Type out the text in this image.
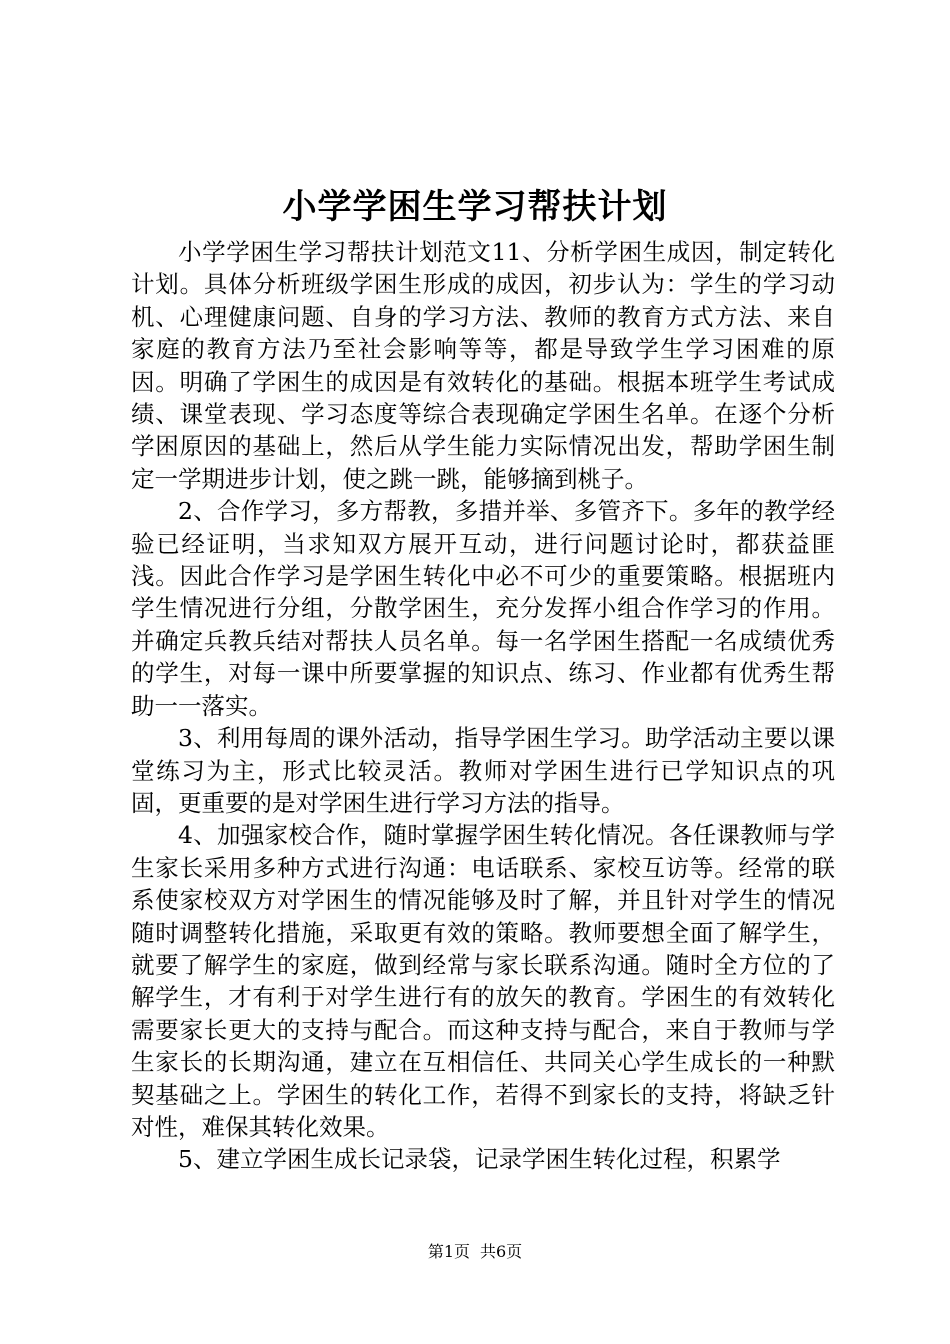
小学学困生学习帮扶计划

小学学困生学习帮扶计划范文11、分析学困生成因，制定转化计划。具体分析班级学困生形成的成因，初步认为：学生的学习动机、心理健康问题、自身的学习方法、教师的教育方式方法、来自家庭的教育方法乃至社会影响等等，都是导致学生学习困难的原因。明确了学困生的成因是有效转化的基础。根据本班学生考试成绩、课堂表现、学习态度等综合表现确定学困生名单。在逐个分析学困原因的基础上，然后从学生能力实际情况出发，帮助学困生制定一学期进步计划，使之跳一跳，能够摘到桃子。

2、合作学习，多方帮教，多措并举、多管齐下。多年的教学经验已经证明，当求知双方展开互动，进行问题讨论时，都获益匪浅。因此合作学习是学困生转化中必不可少的重要策略。根据班内学生情况进行分组，分散学困生，充分发挥小组合作学习的作用。并确定兵教兵结对帮扶人员名单。每一名学困生搭配一名成绩优秀的学生，对每一课中所要掌握的知识点、练习、作业都有优秀生帮助一一落实。

3、利用每周的课外活动，指导学困生学习。助学活动主要以课堂练习为主，形式比较灵活。教师对学困生进行已学知识点的巩固，更重要的是对学困生进行学习方法的指导。

4、加强家校合作，随时掌握学困生转化情况。各任课教师与学生家长采用多种方式进行沟通：电话联系、家校互访等。经常的联系使家校双方对学困生的情况能够及时了解，并且针对学生的情况随时调整转化措施，采取更有效的策略。教师要想全面了解学生，就要了解学生的家庭，做到经常与家长联系沟通。随时全方位的了解学生，才有利于对学生进行有的放矢的教育。学困生的有效转化需要家长更大的支持与配合。而这种支持与配合，来自于教师与学生家长的长期沟通，建立在互相信任、共同关心学生成长的一种默契基础之上。学困生的转化工作，若得不到家长的支持，将缺乏针对性，难保其转化效果。

5、建立学困生成长记录袋，记录学困生转化过程，积累学

第1页 共6页
